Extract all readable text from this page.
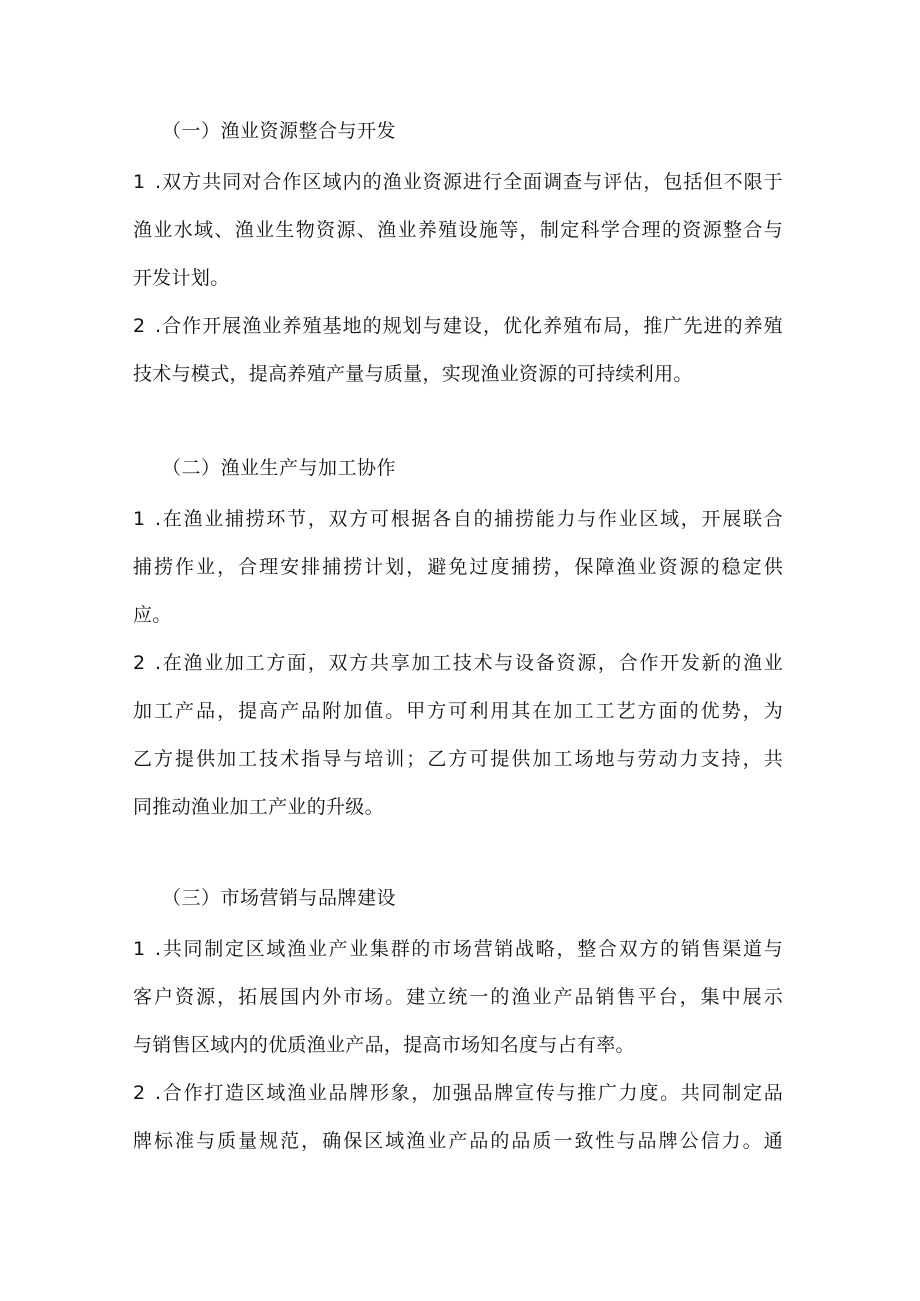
（一）渔业资源整合与开发
1 .双方共同对合作区域内的渔业资源进行全面调查与评估，包括但不限于
渔业水域、渔业生物资源、渔业养殖设施等，制定科学合理的资源整合与
开发计划。
2 .合作开展渔业养殖基地的规划与建设，优化养殖布局，推广先进的养殖
技术与模式，提高养殖产量与质量，实现渔业资源的可持续利用。
（二）渔业生产与加工协作
1 .在渔业捕捞环节，双方可根据各自的捕捞能力与作业区域，开展联合
捕捞作业，合理安排捕捞计划，避免过度捕捞，保障渔业资源的稳定供
应。
2 .在渔业加工方面，双方共享加工技术与设备资源，合作开发新的渔业
加工产品，提高产品附加值。甲方可利用其在加工工艺方面的优势，为
乙方提供加工技术指导与培训；乙方可提供加工场地与劳动力支持，共
同推动渔业加工产业的升级。
（三）市场营销与品牌建设
1 .共同制定区域渔业产业集群的市场营销战略，整合双方的销售渠道与
客户资源，拓展国内外市场。建立统一的渔业产品销售平台，集中展示
与销售区域内的优质渔业产品，提高市场知名度与占有率。
2 .合作打造区域渔业品牌形象，加强品牌宣传与推广力度。共同制定品
牌标准与质量规范，确保区域渔业产品的品质一致性与品牌公信力。通
